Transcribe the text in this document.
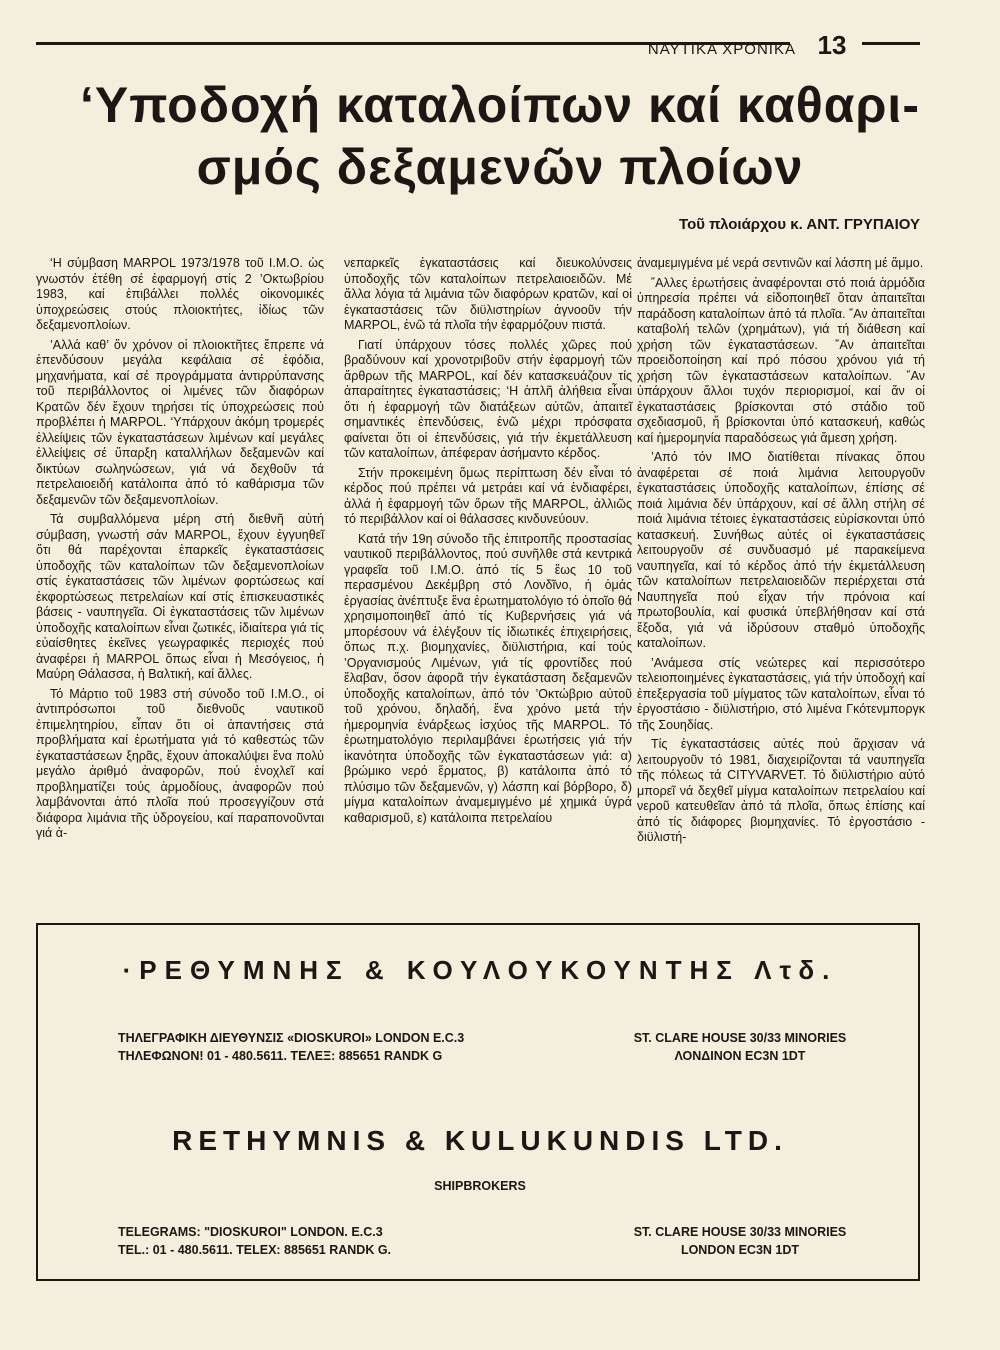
ΝΑΥΤΙΚΑ ΧΡΟΝΙΚΑ 13
‘Υποδοχή καταλοίπων καί καθαρι-
σμός δεξαμενῶν πλοίων
Τοῦ πλοιάρχου κ. ΑΝΤ. ΓΡΥΠΑΙΟΥ

‘Η σύμβαση MARPOL 1973/1978 τοῦ Ι.Μ.Ο. ὡς γνωστόν ἐτέθη σέ ἐφαρμογή στίς 2 ’Οκτωβρίου 1983, καί ἐπιβάλλει πολλές οἰκονομικές ὑποχρεώσεις στούς πλοιοκτήτες, ἰδίως τῶν δεξαμενοπλοίων.

’Αλλά καθ’ ὅν χρόνον οἱ πλοιοκτῆτες ἔπρεπε νά ἐπενδύσουν μεγάλα κεφάλαια σέ ἐφόδια, μηχανήματα, καί σέ προγράμματα ἀντιρρύπανσης τοῦ περιβάλλοντος οἱ λιμένες τῶν διαφόρων Κρατῶν δέν ἔχουν τηρήσει τίς ὑποχρεώσεις πού προβλέπει ἡ MARPOL. ‘Υπάρχουν ἀκόμη τρομερές ἐλλείψεις τῶν ἐγκαταστάσεων λιμένων καί μεγάλες ἐλλείψεις σέ ὕπαρξη καταλλήλων δεξαμενῶν καί δικτύων σωληνώσεων, γιά νά δεχθοῦν τά πετρελαιοειδή κατάλοιπα ἀπό τό καθάρισμα τῶν δεξαμενῶν τῶν δεξαμενοπλοίων.

Τά συμβαλλόμενα μέρη στή διεθνῆ αὐτή σύμβαση, γνωστή σάν MARPOL, ἔχουν ἐγγυηθεῖ ὅτι θά παρέχονται ἐπαρκεῖς ἐγκαταστάσεις ὑποδοχῆς τῶν καταλοίπων τῶν δεξαμενοπλοίων στίς ἐγκαταστάσεις τῶν λιμένων φορτώσεως καί ἐκφορτώσεως πετρελαίων καί στίς ἐπισκευαστικές βάσεις - ναυπηγεῖα. Οἱ ἐγκαταστάσεις τῶν λιμένων ὑποδοχῆς καταλοίπων εἶναι ζωτικές, ἰδιαίτερα γιά τίς εὐαίσθητες ἐκεῖνες γεωγραφικές περιοχές πού ἀναφέρει ἡ MARPOL ὅπως εἶναι ἡ Μεσόγειος, ἡ Μαύρη Θάλασσα, ἡ Βαλτική, καί ἄλλες.

Τό Μάρτιο τοῦ 1983 στή σύνοδο τοῦ Ι.Μ.Ο., οἱ ἀντιπρόσωποι τοῦ διεθνοῦς ναυτικοῦ ἐπιμελητηρίου, εἶπαν ὅτι οἱ ἀπαντήσεις στά προβλήματα καί ἐρωτήματα γιά τό καθεστώς τῶν ἐγκαταστάσεων ξηρᾶς, ἔχουν ἀποκαλύψει ἕνα πολύ μεγάλο ἀριθμό ἀναφορῶν, πού ἐνοχλεῖ καί προβληματίζει τούς ἁρμοδίους, ἀναφορῶν πού λαμβάνονται ἀπό πλοῖα πού προσεγγίζουν στά διάφορα λιμάνια τῆς ὑδρογείου, καί παραπονοῦνται γιά ἀ-

νεπαρκεῖς ἐγκαταστάσεις καί διευκολύνσεις ὑποδοχῆς τῶν καταλοίπων πετρελαιοειδῶν. Μέ ἄλλα λόγια τά λιμάνια τῶν διαφόρων κρατῶν, καί οἱ ἐγκαταστάσεις τῶν διϋλιστηρίων ἀγνοοῦν τήν MARPOL, ἐνῶ τά πλοῖα τήν ἐφαρμόζουν πιστά.

Γιατί ὑπάρχουν τόσες πολλές χῶρες πού βραδύνουν καί χρονοτριβοῦν στήν ἐφαρμογή τῶν ἄρθρων τῆς MARPOL, καί δέν κατασκευάζουν τίς ἀπαραίτητες ἐγκαταστάσεις; ‘Η ἁπλῆ ἀλήθεια εἶναι ὅτι ἡ ἐφαρμογή τῶν διατάξεων αὐτῶν, ἀπαιτεῖ σημαντικές ἐπενδύσεις, ἐνῶ μέχρι πρόσφατα φαίνεται ὅτι οἱ ἐπενδύσεις, γιά τήν ἐκμετάλλευση τῶν καταλοίπων, ἀπέφεραν ἀσήμαντο κέρδος.

Στήν προκειμένη ὅμως περίπτωση δέν εἶναι τό κέρδος πού πρέπει νά μετράει καί νά ἐνδιαφέρει, ἀλλά ἡ ἐφαρμογή τῶν ὅρων τῆς MARPOL, ἀλλιῶς τό περιβάλλον καί οἱ θάλασσες κινδυνεύουν.

Κατά τήν 19η σύνοδο τῆς ἐπιτροπῆς προστασίας ναυτικοῦ περιβάλλοντος, πού συνῆλθε στά κεντρικά γραφεῖα τοῦ Ι.Μ.Ο. ἀπό τίς 5 ἕως 10 τοῦ περασμένου Δεκέμβρη στό Λονδῖνο, ἡ ὁμάς ἐργασίας ἀνέπτυξε ἕνα ἐρωτηματολόγιο τό ὁποῖο θά χρησιμοποιηθεῖ ἀπό τίς Κυβερνήσεις γιά νά μπορέσουν νά ἐλέγξουν τίς ἰδιωτικές ἐπιχειρήσεις, ὅπως π.χ. βιομηχανίες, διϋλιστήρια, καί τούς ’Οργανισμούς Λιμένων, γιά τίς φροντίδες πού ἔλαβαν, ὅσον ἀφορᾶ τήν ἐγκατάσταση δεξαμενῶν ὑποδοχῆς καταλοίπων, ἀπό τόν ’Οκτώβριο αὐτοῦ τοῦ χρόνου, δηλαδή, ἕνα χρόνο μετά τήν ἡμερομηνία ἐνάρξεως ἰσχύος τῆς MARPOL. Τό ἐρωτηματολόγιο περιλαμβάνει ἐρωτήσεις γιά τήν ἱκανότητα ὑποδοχῆς τῶν ἐγκαταστάσεων γιά: α) βρώμικο νερό ἕρματος, β) κατάλοιπα ἀπό τό πλύσιμο τῶν δεξαμενῶν, γ) λάσπη καί βόρβορο, δ) μίγμα καταλοίπων ἀναμεμιγμένο μέ χημικά ὑγρά καθαρισμοῦ, ε) κατάλοιπα πετρελαίου

ἀναμεμιγμένα μέ νερά σεντινῶν καί λάσπη μέ ἄμμο.

῎Αλλες ἐρωτήσεις ἀναφέρονται στό ποιά ἁρμόδια ὑπηρεσία πρέπει νά εἰδοποιηθεῖ ὅταν ἀπαιτεῖται παράδοση καταλοίπων ἀπό τά πλοῖα. ῎Αν ἀπαιτεῖται καταβολή τελῶν (χρημάτων), γιά τή διάθεση καί χρήση τῶν ἐγκαταστάσεων. ῎Αν ἀπαιτεῖται προειδοποίηση καί πρό πόσου χρόνου γιά τή χρήση τῶν ἐγκαταστάσεων καταλοίπων. ῎Αν ὑπάρχουν ἄλλοι τυχόν περιορισμοί, καί ἄν οἱ ἐγκαταστάσεις βρίσκονται στό στάδιο τοῦ σχεδιασμοῦ, ἤ βρίσκονται ὑπό κατασκευή, καθώς καί ἡμερομηνία παραδόσεως γιά ἄμεση χρήση.

’Από τόν ΙΜΟ διατίθεται πίνακας ὅπου ἀναφέρεται σέ ποιά λιμάνια λειτουργοῦν ἐγκαταστάσεις ὑποδοχῆς καταλοίπων, ἐπίσης σέ ποιά λιμάνια δέν ὑπάρχουν, καί σέ ἄλλη στήλη σέ ποιά λιμάνια τέτοιες ἐγκαταστάσεις εὑρίσκονται ὑπό κατασκευή. Συνήθως αὐτές οἱ ἐγκαταστάσεις λειτουργοῦν σέ συνδυασμό μέ παρακείμενα ναυπηγεῖα, καί τό κέρδος ἀπό τήν ἐκμετάλλευση τῶν καταλοίπων πετρελαιοειδῶν περιέρχεται στά Ναυπηγεῖα πού εἶχαν τήν πρόνοια καί πρωτοβουλία, καί φυσικά ὑπεβλήθησαν καί στά ἔξοδα, γιά νά ἱδρύσουν σταθμό ὑποδοχῆς καταλοίπων.

’Ανάμεσα στίς νεώτερες καί περισσότερο τελειοποιημένες ἐγκαταστάσεις, γιά τήν ὑποδοχή καί ἐπεξεργασία τοῦ μίγματος τῶν καταλοίπων, εἶναι τό ἐργοστάσιο - διϋλιστήριο, στό λιμένα Γκότενμποργκ τῆς Σουηδίας.

Τίς ἐγκαταστάσεις αὐτές πού ἄρχισαν νά λειτουργοῦν τό 1981, διαχειρίζονται τά ναυπηγεῖα τῆς πόλεως τά CITYVARVET. Τό διϋλιστήριο αὐτό μπορεῖ νά δεχθεῖ μίγμα καταλοίπων πετρελαίου καί νεροῦ κατευθεῖαν ἀπό τά πλοῖα, ὅπως ἐπίσης καί ἀπό τίς διάφορες βιομηχανίες. Τό ἐργοστάσιο - διϋλιστή-

·ΡΕΘΥΜΝΗΣ & ΚΟΥΛΟΥΚΟΥΝΤΗΣ Λτδ.
ΤΗΛΕΓΡΑΦΙΚΗ ΔΙΕΥΘΥΝΣΙΣ «DIOSKUROI» LONDON E.C.3
ΤΗΛΕΦΩΝΟΝ! 01 - 480.5611. ΤΕΛΕΞ: 885651 RANDK G
ST. CLARE HOUSE 30/33 MINORIES
ΛΟΝΔΙΝΟΝ EC3N 1DT
RETHYMNIS & KULUKUNDIS LTD.
SHIPBROKERS
TELEGRAMS: "DIOSKUROI" LONDON. E.C.3
TEL.: 01 - 480.5611. TELEX: 885651 RANDK G.
ST. CLARE HOUSE 30/33 MINORIES
LONDON EC3N 1DT
